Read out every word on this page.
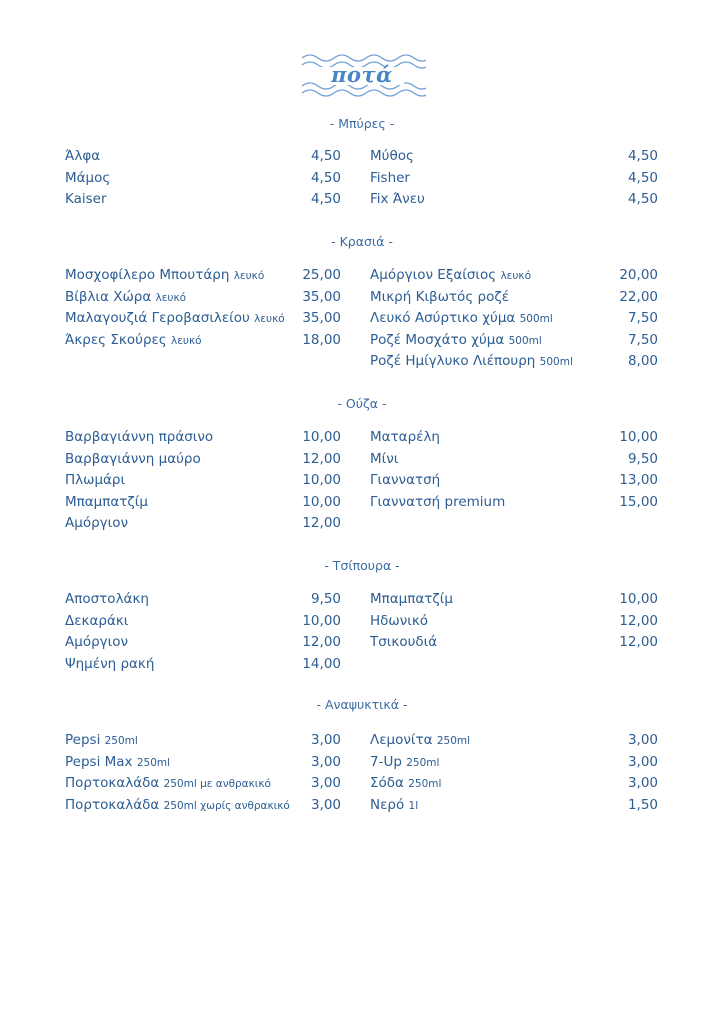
ποτά
- Μπύρες -
Άλφα	4,50
Μάμος	4,50
Kaiser	4,50
Μύθος	4,50
Fisher	4,50
Fix Άνευ	4,50
- Κρασιά -
Μοσχοφίλερο Μπουτάρη λευκό	25,00
Βίβλια Χώρα λευκό	35,00
Μαλαγουζιά Γεροβασιλείου λευκό 35,00
Άκρες Σκούρες λευκό	18,00
Αμόργιον Εξαίσιος λευκό	20,00
Μικρή Κιβωτός ροζέ	22,00
Λευκό Ασύρτικο χύμα 500ml	7,50
Ροζέ Μοσχάτο χύμα 500ml	7,50
Ροζέ Ημίγλυκο Λιέπουρη 500ml	8,00
- Ούζα -
Βαρβαγιάννη πράσινο	10,00
Βαρβαγιάννη μαύρο	12,00
Πλωμάρι	10,00
Μπαμπατζίμ	10,00
Αμόργιον	12,00
Ματαρέλη	10,00
Μίνι	9,50
Γιαννατσή	13,00
Γιαννατσή premium	15,00
- Τσίπουρα -
Αποστολάκη	9,50
Δεκαράκι	10,00
Αμόργιον	12,00
Ψημένη ρακή	14,00
Μπαμπατζίμ	10,00
Ηδωνικό	12,00
Τσικουδιά	12,00
- Αναψυκτικά -
Pepsi 250ml	3,00
Pepsi Max 250ml	3,00
Πορτοκαλάδα 250ml με ανθρακικό	3,00
Πορτοκαλάδα 250ml χωρίς ανθρακικό 3,00
Λεμονίτα 250ml	3,00
7-Up 250ml	3,00
Σόδα 250ml	3,00
Νερό 1l	1,50
